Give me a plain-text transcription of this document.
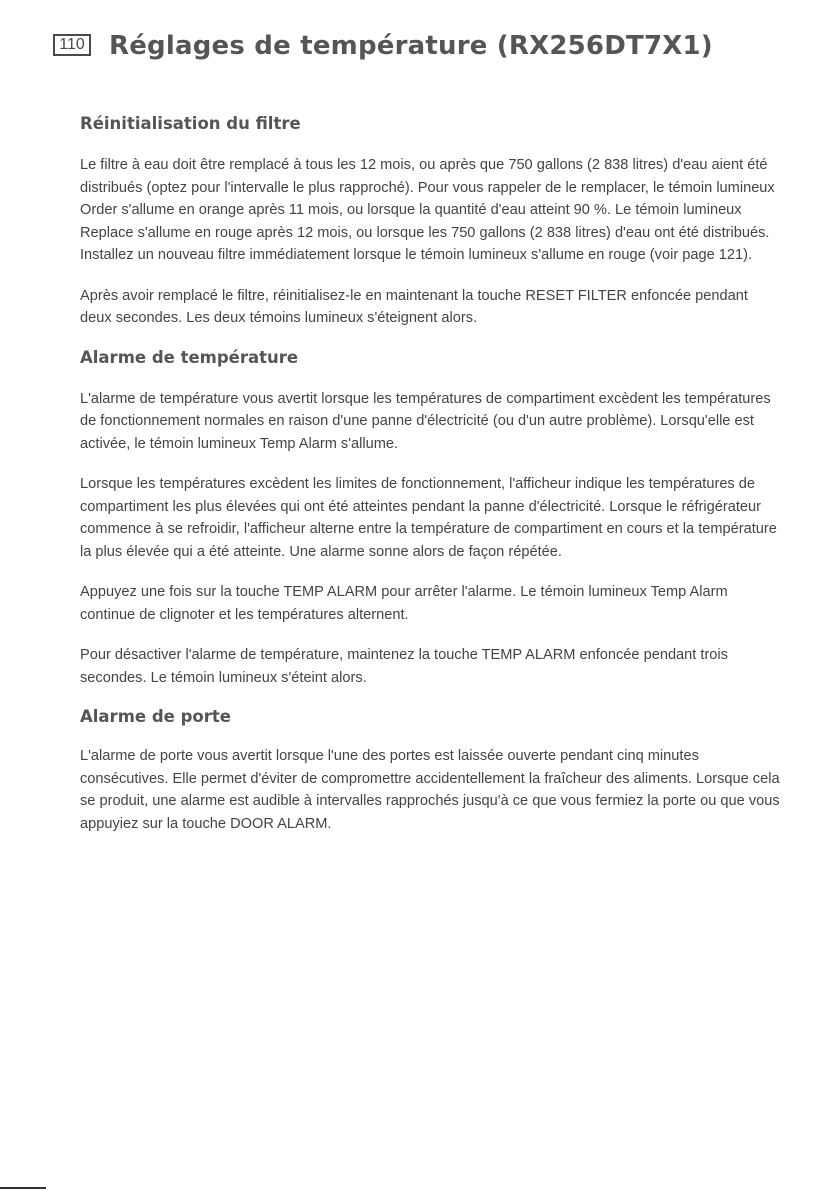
110 Réglages de température (RX256DT7X1)
Réinitialisation du filtre

Le filtre à eau doit être remplacé à tous les 12 mois, ou après que 750 gallons (2 838 litres) d'eau aient été distribués (optez pour l'intervalle le plus rapproché). Pour vous rappeler de le remplacer, le témoin lumineux Order s'allume en orange après 11 mois, ou lorsque la quantité d'eau atteint 90 %. Le témoin lumineux Replace s'allume en rouge après 12 mois, ou lorsque les 750 gallons (2 838 litres) d'eau ont été distribués. Installez un nouveau filtre immédiatement lorsque le témoin lumineux s'allume en rouge (voir page 121).

Après avoir remplacé le filtre, réinitialisez-le en maintenant la touche RESET FILTER enfoncée pendant deux secondes. Les deux témoins lumineux s'éteignent alors.

Alarme de température

L'alarme de température vous avertit lorsque les températures de compartiment excèdent les températures de fonctionnement normales en raison d'une panne d'électricité (ou d'un autre problème). Lorsqu'elle est activée, le témoin lumineux Temp Alarm s'allume.

Lorsque les températures excèdent les limites de fonctionnement, l'afficheur indique les températures de compartiment les plus élevées qui ont été atteintes pendant la panne d'électricité. Lorsque le réfrigérateur commence à se refroidir, l'afficheur alterne entre la température de compartiment en cours et la température la plus élevée qui a été atteinte. Une alarme sonne alors de façon répétée.

Appuyez une fois sur la touche TEMP ALARM pour arrêter l'alarme. Le témoin lumineux Temp Alarm continue de clignoter et les températures alternent.

Pour désactiver l'alarme de température, maintenez la touche TEMP ALARM enfoncée pendant trois secondes. Le témoin lumineux s'éteint alors.

Alarme de porte

L'alarme de porte vous avertit lorsque l'une des portes est laissée ouverte pendant cinq minutes consécutives. Elle permet d'éviter de compromettre accidentellement la fraîcheur des aliments. Lorsque cela se produit, une alarme est audible à intervalles rapprochés jusqu'à ce que vous fermiez la porte ou que vous appuyiez sur la touche DOOR ALARM.
